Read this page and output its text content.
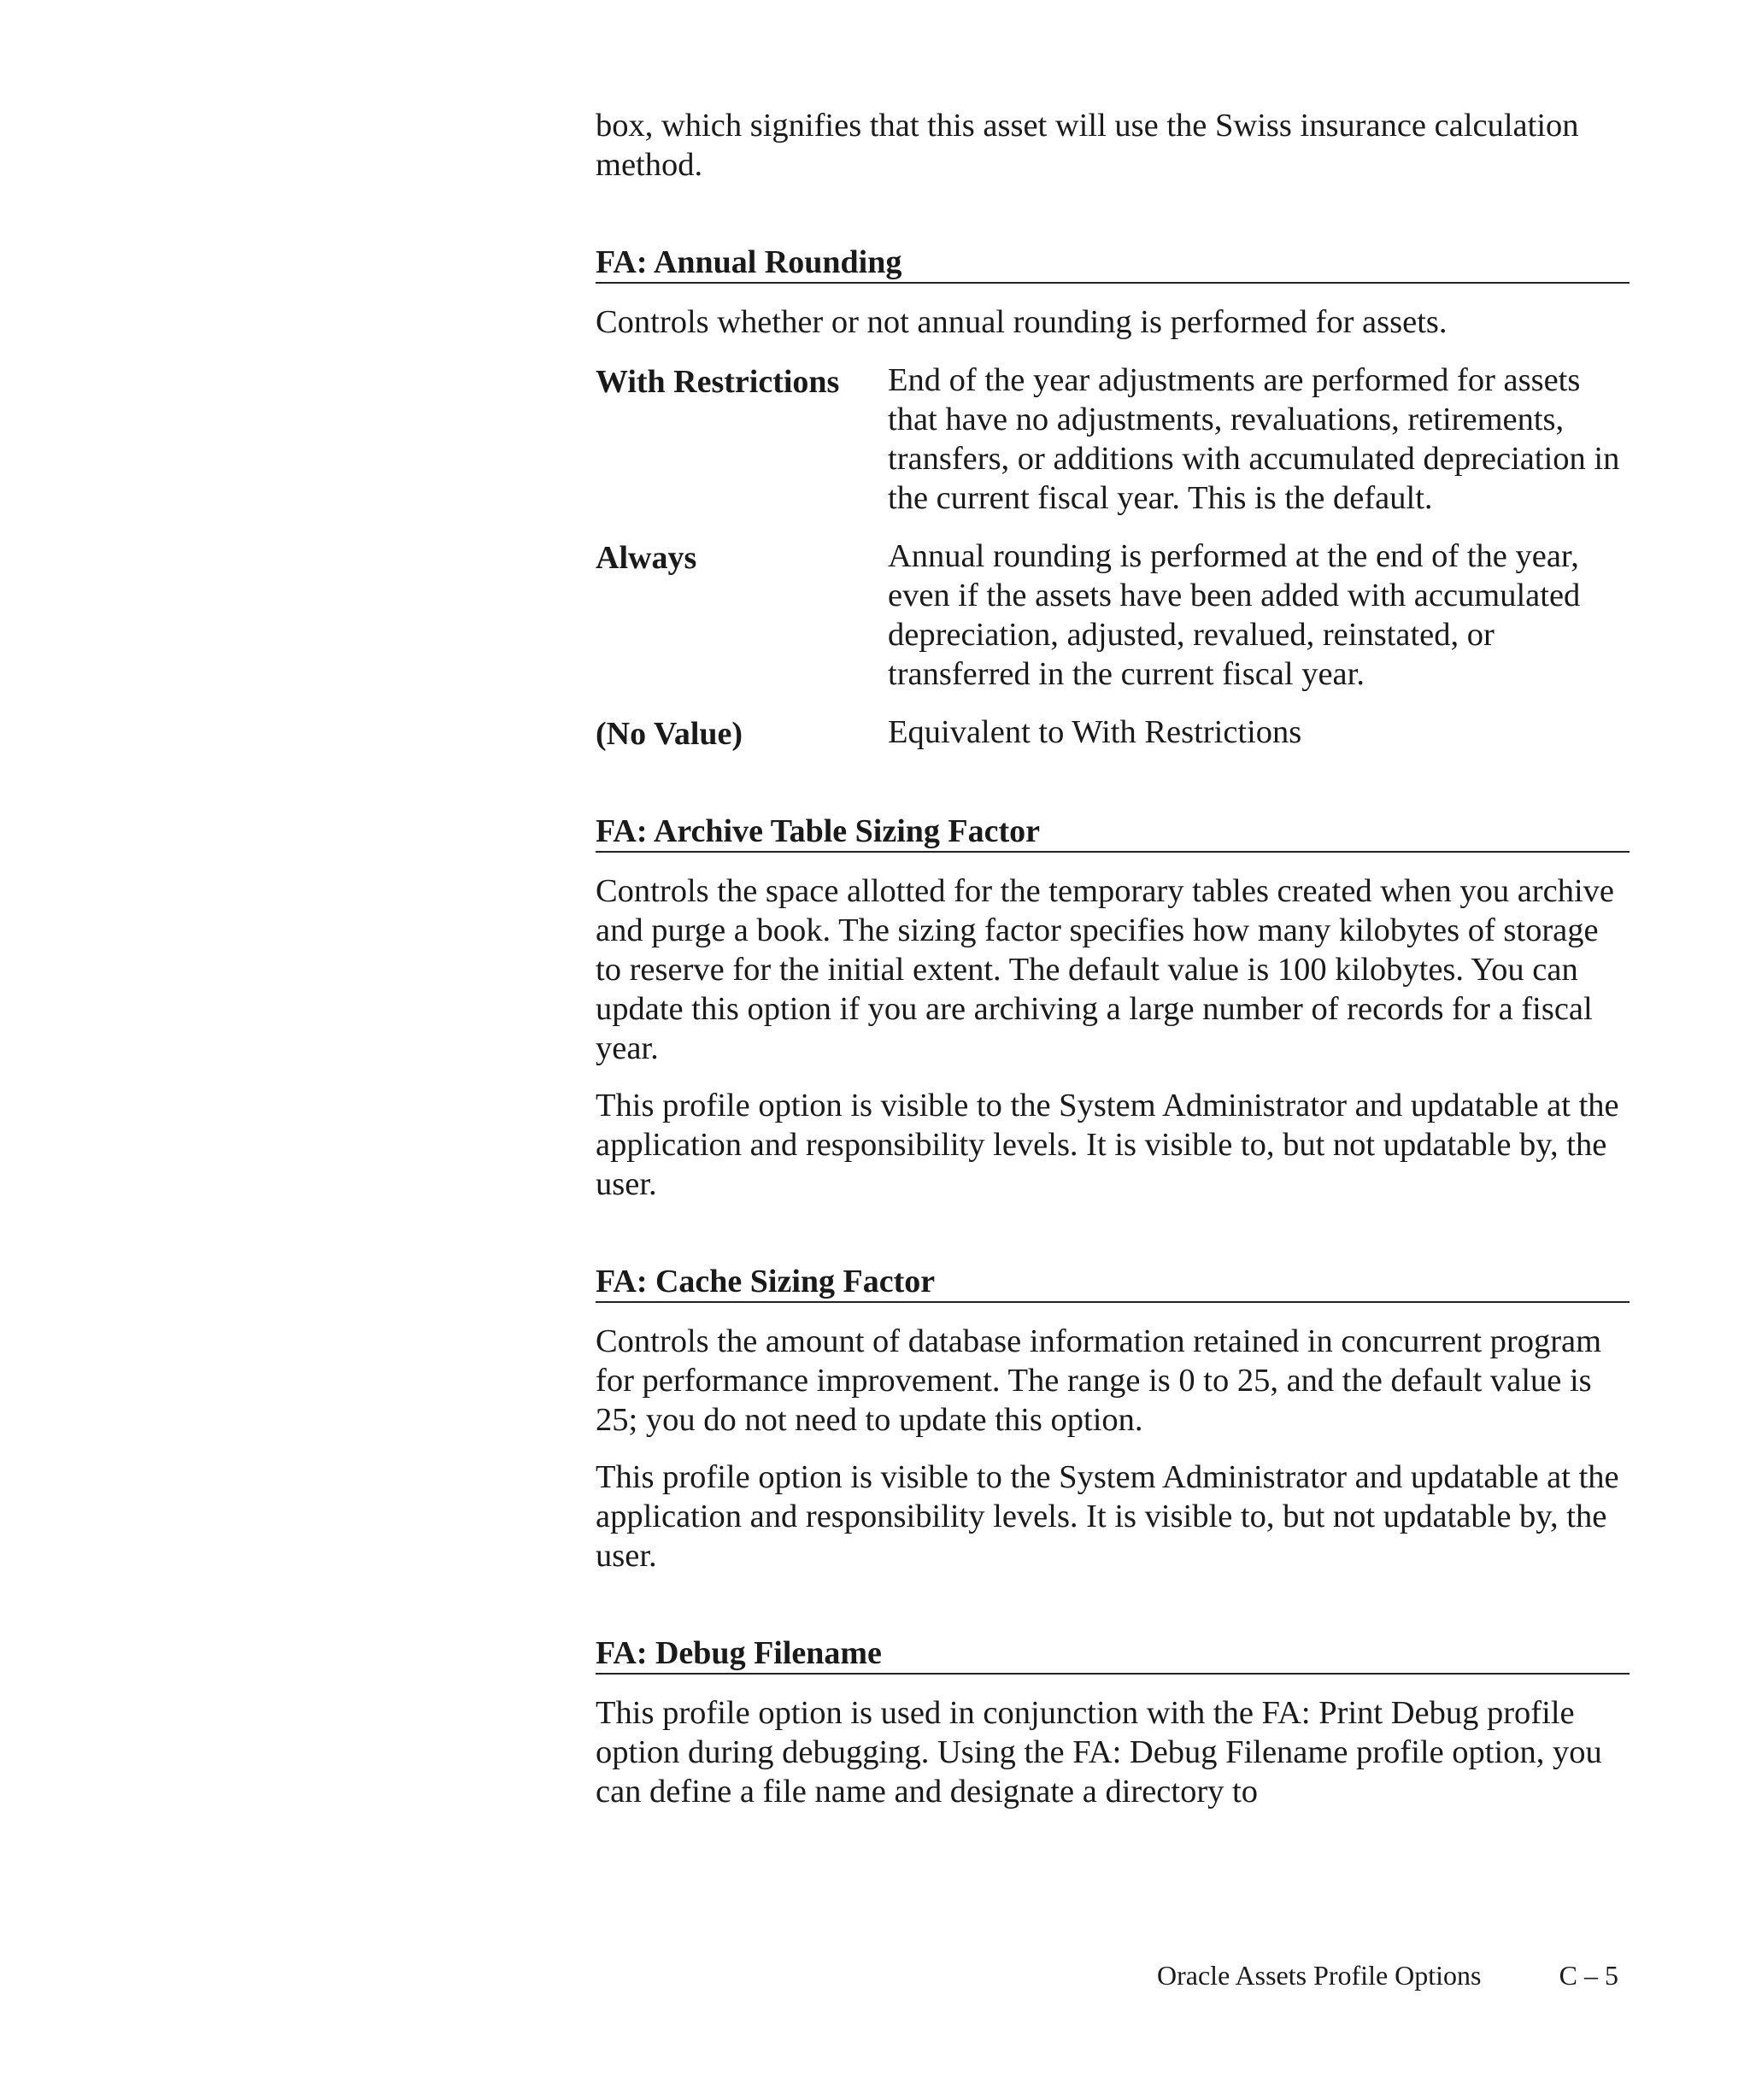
box, which signifies that this asset will use the Swiss insurance calculation method.

FA: Annual Rounding

Controls whether or not annual rounding is performed for assets.

With Restrictions	End of the year adjustments are performed for assets that have no adjustments, revaluations, retirements, transfers, or additions with accumulated depreciation in the current fiscal year. This is the default.
Always	Annual rounding is performed at the end of the year, even if the assets have been added with accumulated depreciation, adjusted, revalued, reinstated, or transferred in the current fiscal year.
(No Value)	Equivalent to With Restrictions
FA: Archive Table Sizing Factor

Controls the space allotted for the temporary tables created when you archive and purge a book. The sizing factor specifies how many kilobytes of storage to reserve for the initial extent. The default value is 100 kilobytes. You can update this option if you are archiving a large number of records for a fiscal year.

This profile option is visible to the System Administrator and updatable at the application and responsibility levels. It is visible to, but not updatable by, the user.

FA: Cache Sizing Factor

Controls the amount of database information retained in concurrent program for performance improvement. The range is 0 to 25, and the default value is 25; you do not need to update this option.

This profile option is visible to the System Administrator and updatable at the application and responsibility levels. It is visible to, but not updatable by, the user.

FA: Debug Filename

This profile option is used in conjunction with the FA: Print Debug profile option during debugging. Using the FA: Debug Filename profile option, you can define a file name and designate a directory to

Oracle Assets Profile Options	C – 5
